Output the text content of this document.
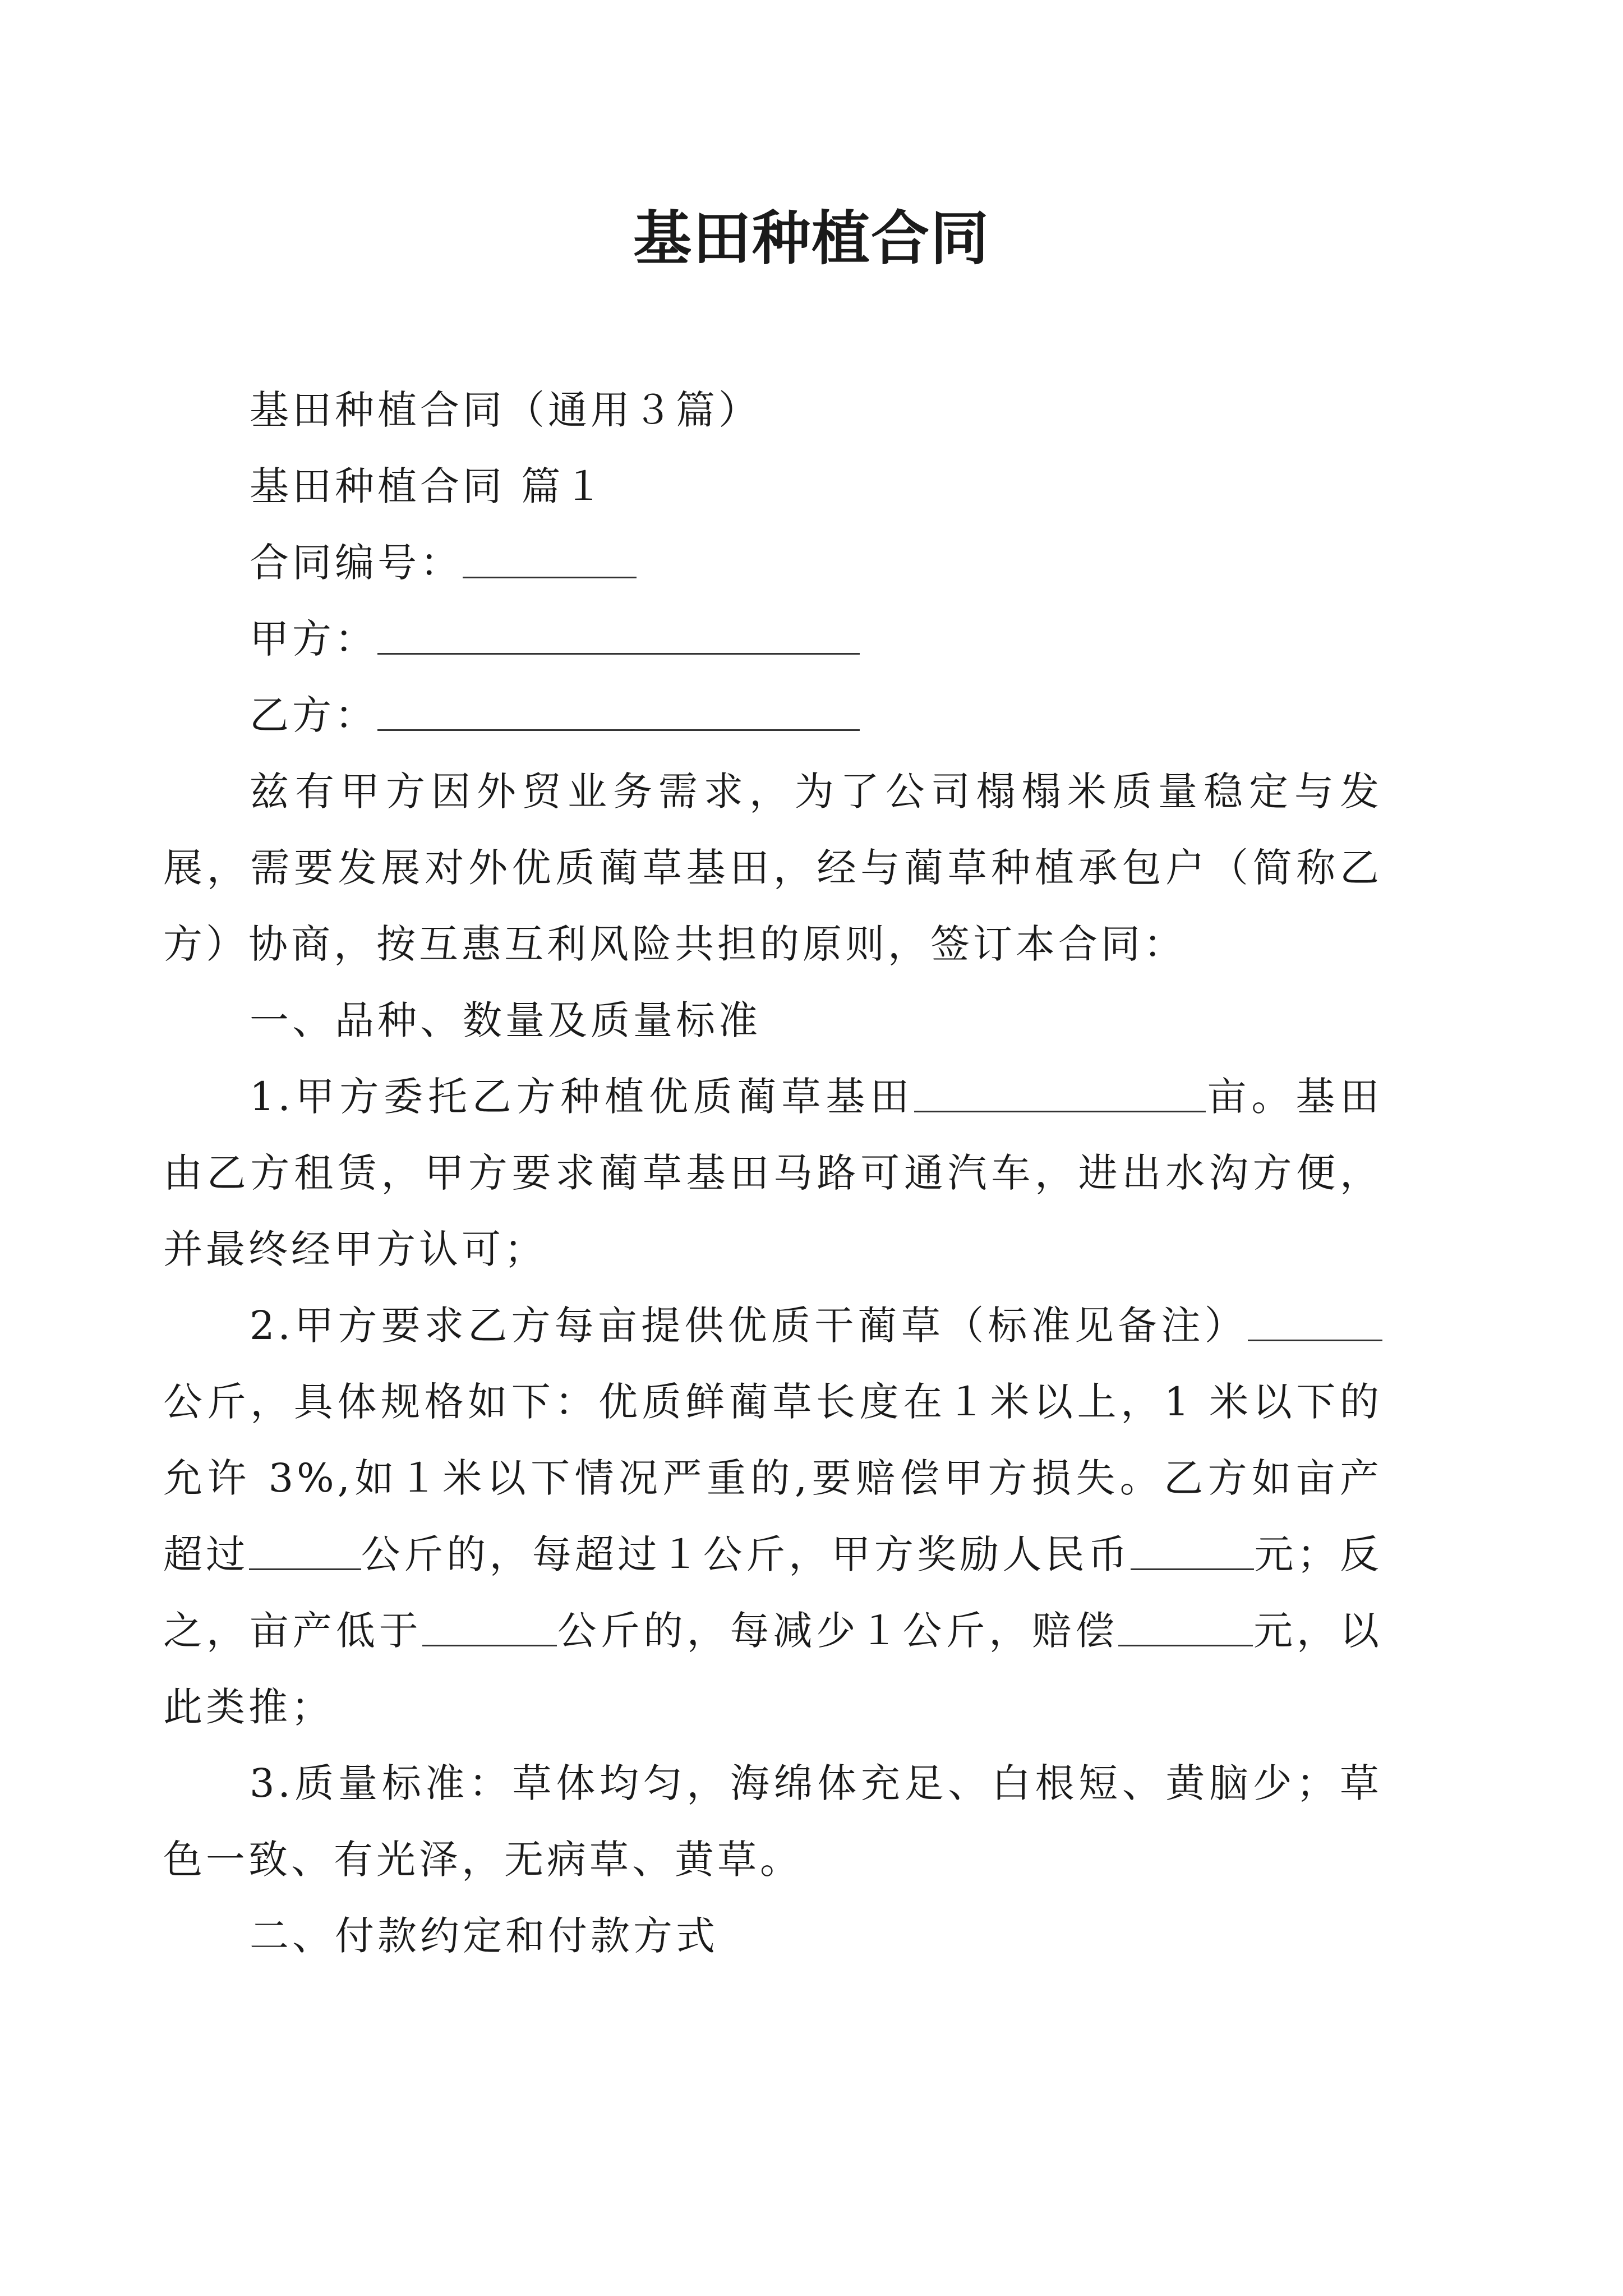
基田种植合同

基田种植合同（通用３篇）

基田种植合同 篇１

合同编号：

甲方：

乙方：

兹有甲方因外贸业务需求，为了公司榻榻米质量稳定与发展，需要发展对外优质蔺草基田，经与蔺草种植承包户（简称乙方）协商，按互惠互利风险共担的原则，签订本合同：

一、品种、数量及质量标准

1.甲方委托乙方种植优质蔺草基田	亩。基田由乙方租赁，甲方要求蔺草基田马路可通汽车，进出水沟方便，并最终经甲方认可；

2.甲方要求乙方每亩提供优质干蔺草（标准见备注）公斤，具体规格如下：优质鲜蔺草长度在１米以上，1 米以下的允许 3%,如１米以下情况严重的,要赔偿甲方损失。乙方如亩产超过	公斤的，每超过１公斤，甲方奖励人民币	元；反之，亩产低于	公斤的，每减少１公斤，赔偿	元，以此类推；

3.质量标准：草体均匀，海绵体充足、白根短、黄脑少；草色一致、有光泽，无病草、黄草。

二、付款约定和付款方式
